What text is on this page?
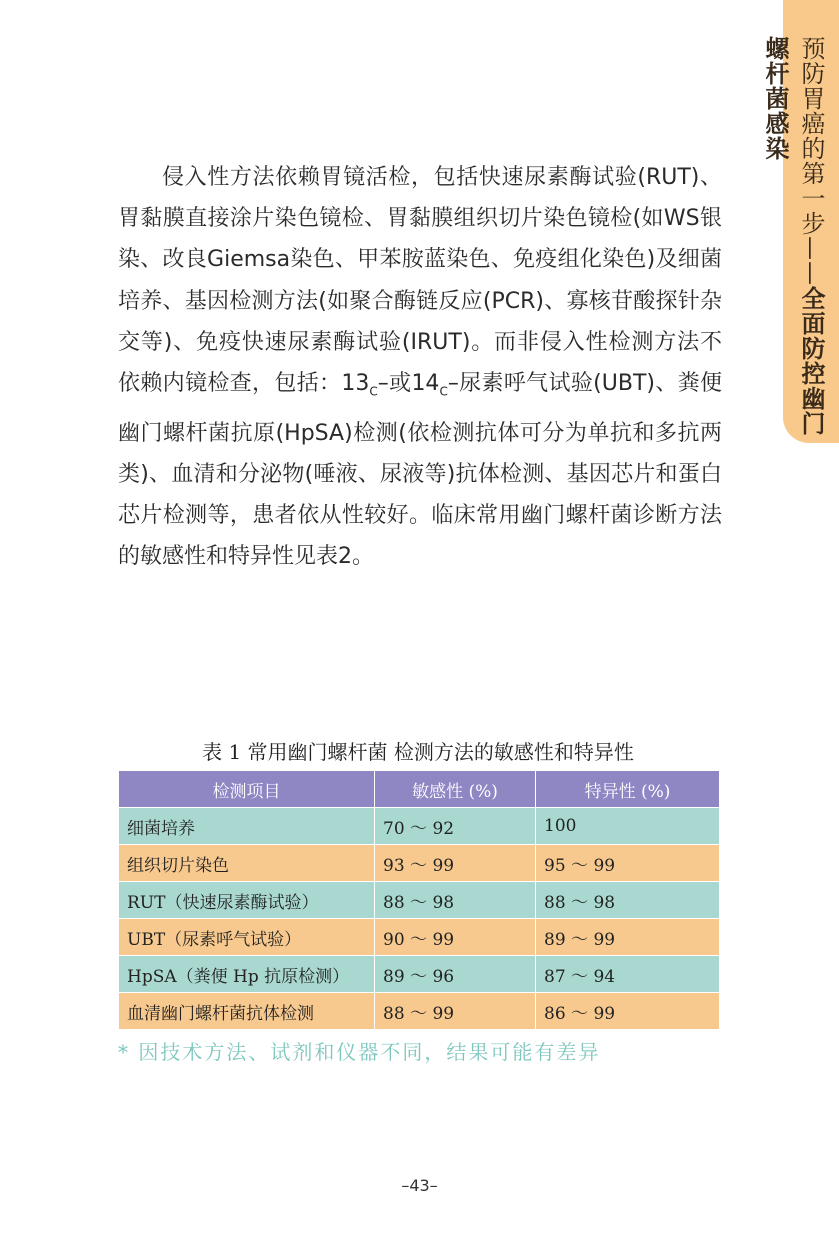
预防胃癌的第一步——全面防控幽门螺杆菌感染
侵入性方法依赖胃镜活检，包括快速尿素酶试验(RUT)、胃黏膜直接涂片染色镜检、胃黏膜组织切片染色镜检(如WS银染、改良Giemsa染色、甲苯胺蓝染色、免疫组化染色)及细菌培养、基因检测方法(如聚合酶链反应(PCR)、寡核苷酸探针杂交等)、免疫快速尿素酶试验(IRUT)。而非侵入性检测方法不依赖内镜检查，包括：$13_C-$或$14_C-$尿素呼气试验(UBT)、粪便幽门螺杆菌抗原(HpSA)检测(依检测抗体可分为单抗和多抗两类)、血清和分泌物(唾液、尿液等)抗体检测、基因芯片和蛋白芯片检测等，患者依从性较好。临床常用幽门螺杆菌诊断方法的敏感性和特异性见表2。
表 1 常用幽门螺杆菌 检测方法的敏感性和特异性
检测项目	敏感性 (%)	特异性 (%)
细菌培养	70 ～ 92	100
组织切片染色	93 ～ 99	95 ～ 99
RUT（快速尿素酶试验）	88 ～ 98	88 ～ 98
UBT（尿素呼气试验）	90 ～ 99	89 ～ 99
HpSA（粪便 Hp 抗原检测）	89 ～ 96	87 ～ 94
血清幽门螺杆菌抗体检测	88 ～ 99	86 ～ 99
* 因技术方法、试剂和仪器不同，结果可能有差异
–43–
